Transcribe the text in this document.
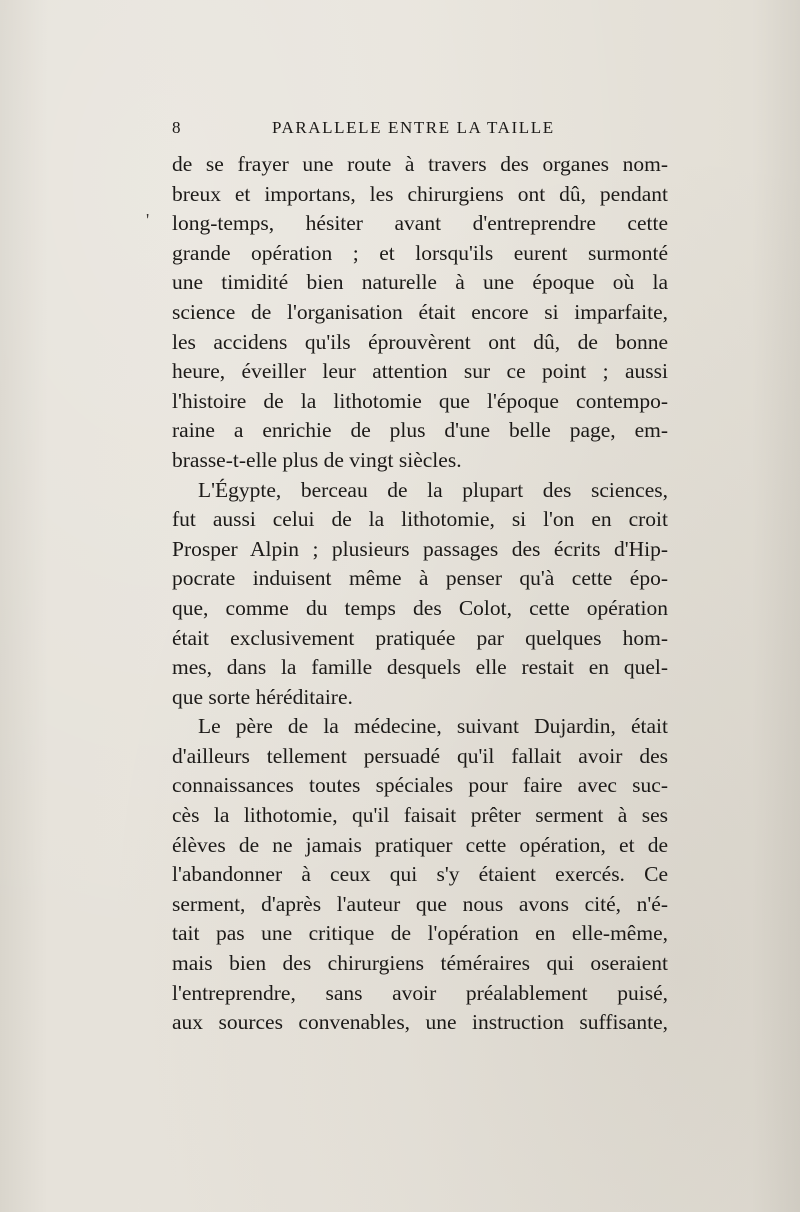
8	PARALLELE ENTRE LA TAILLE
'
de se frayer une route à travers des organes nom-
breux et importans, les chirurgiens ont dû, pendant
long-temps, hésiter avant d'entreprendre cette
grande opération ; et lorsqu'ils eurent surmonté
une timidité bien naturelle à une époque où la
science de l'organisation était encore si imparfaite,
les accidens qu'ils éprouvèrent ont dû, de bonne
heure, éveiller leur attention sur ce point ; aussi
l'histoire de la lithotomie que l'époque contempo-
raine a enrichie de plus d'une belle page, em-
brasse-t-elle plus de vingt siècles.
L'Égypte, berceau de la plupart des sciences,
fut aussi celui de la lithotomie, si l'on en croit
Prosper Alpin ; plusieurs passages des écrits d'Hip-
pocrate induisent même à penser qu'à cette épo-
que, comme du temps des Colot, cette opération
était exclusivement pratiquée par quelques hom-
mes, dans la famille desquels elle restait en quel-
que sorte héréditaire.
Le père de la médecine, suivant Dujardin, était
d'ailleurs tellement persuadé qu'il fallait avoir des
connaissances toutes spéciales pour faire avec suc-
cès la lithotomie, qu'il faisait prêter serment à ses
élèves de ne jamais pratiquer cette opération, et de
l'abandonner à ceux qui s'y étaient exercés. Ce
serment, d'après l'auteur que nous avons cité, n'é-
tait pas une critique de l'opération en elle-même,
mais bien des chirurgiens téméraires qui oseraient
l'entreprendre, sans avoir préalablement puisé,
aux sources convenables, une instruction suffisante,
